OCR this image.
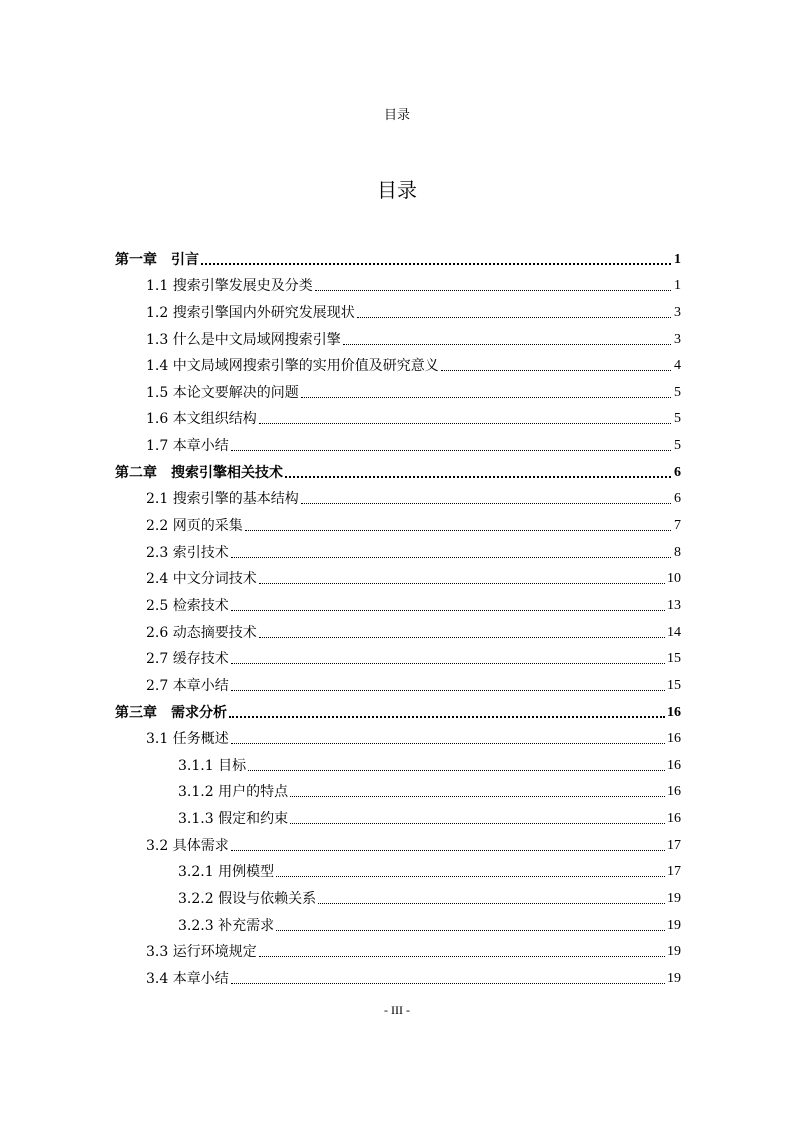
目录
目录
第一章　引言	1
1.1 搜索引擎发展史及分类	1
1.2 搜索引擎国内外研究发展现状	3
1.3 什么是中文局域网搜索引擎	3
1.4 中文局域网搜索引擎的实用价值及研究意义	4
1.5 本论文要解决的问题	5
1.6 本文组织结构	5
1.7 本章小结	5
第二章　搜索引擎相关技术	6
2.1 搜索引擎的基本结构	6
2.2 网页的采集	7
2.3 索引技术	8
2.4 中文分词技术	10
2.5 检索技术	13
2.6 动态摘要技术	14
2.7 缓存技术	15
2.7 本章小结	15
第三章　需求分析	16
3.1 任务概述	16
3.1.1 目标	16
3.1.2 用户的特点	16
3.1.3 假定和约束	16
3.2 具体需求	17
3.2.1 用例模型	17
3.2.2 假设与依赖关系	19
3.2.3 补充需求	19
3.3 运行环境规定	19
3.4 本章小结	19
- III -
